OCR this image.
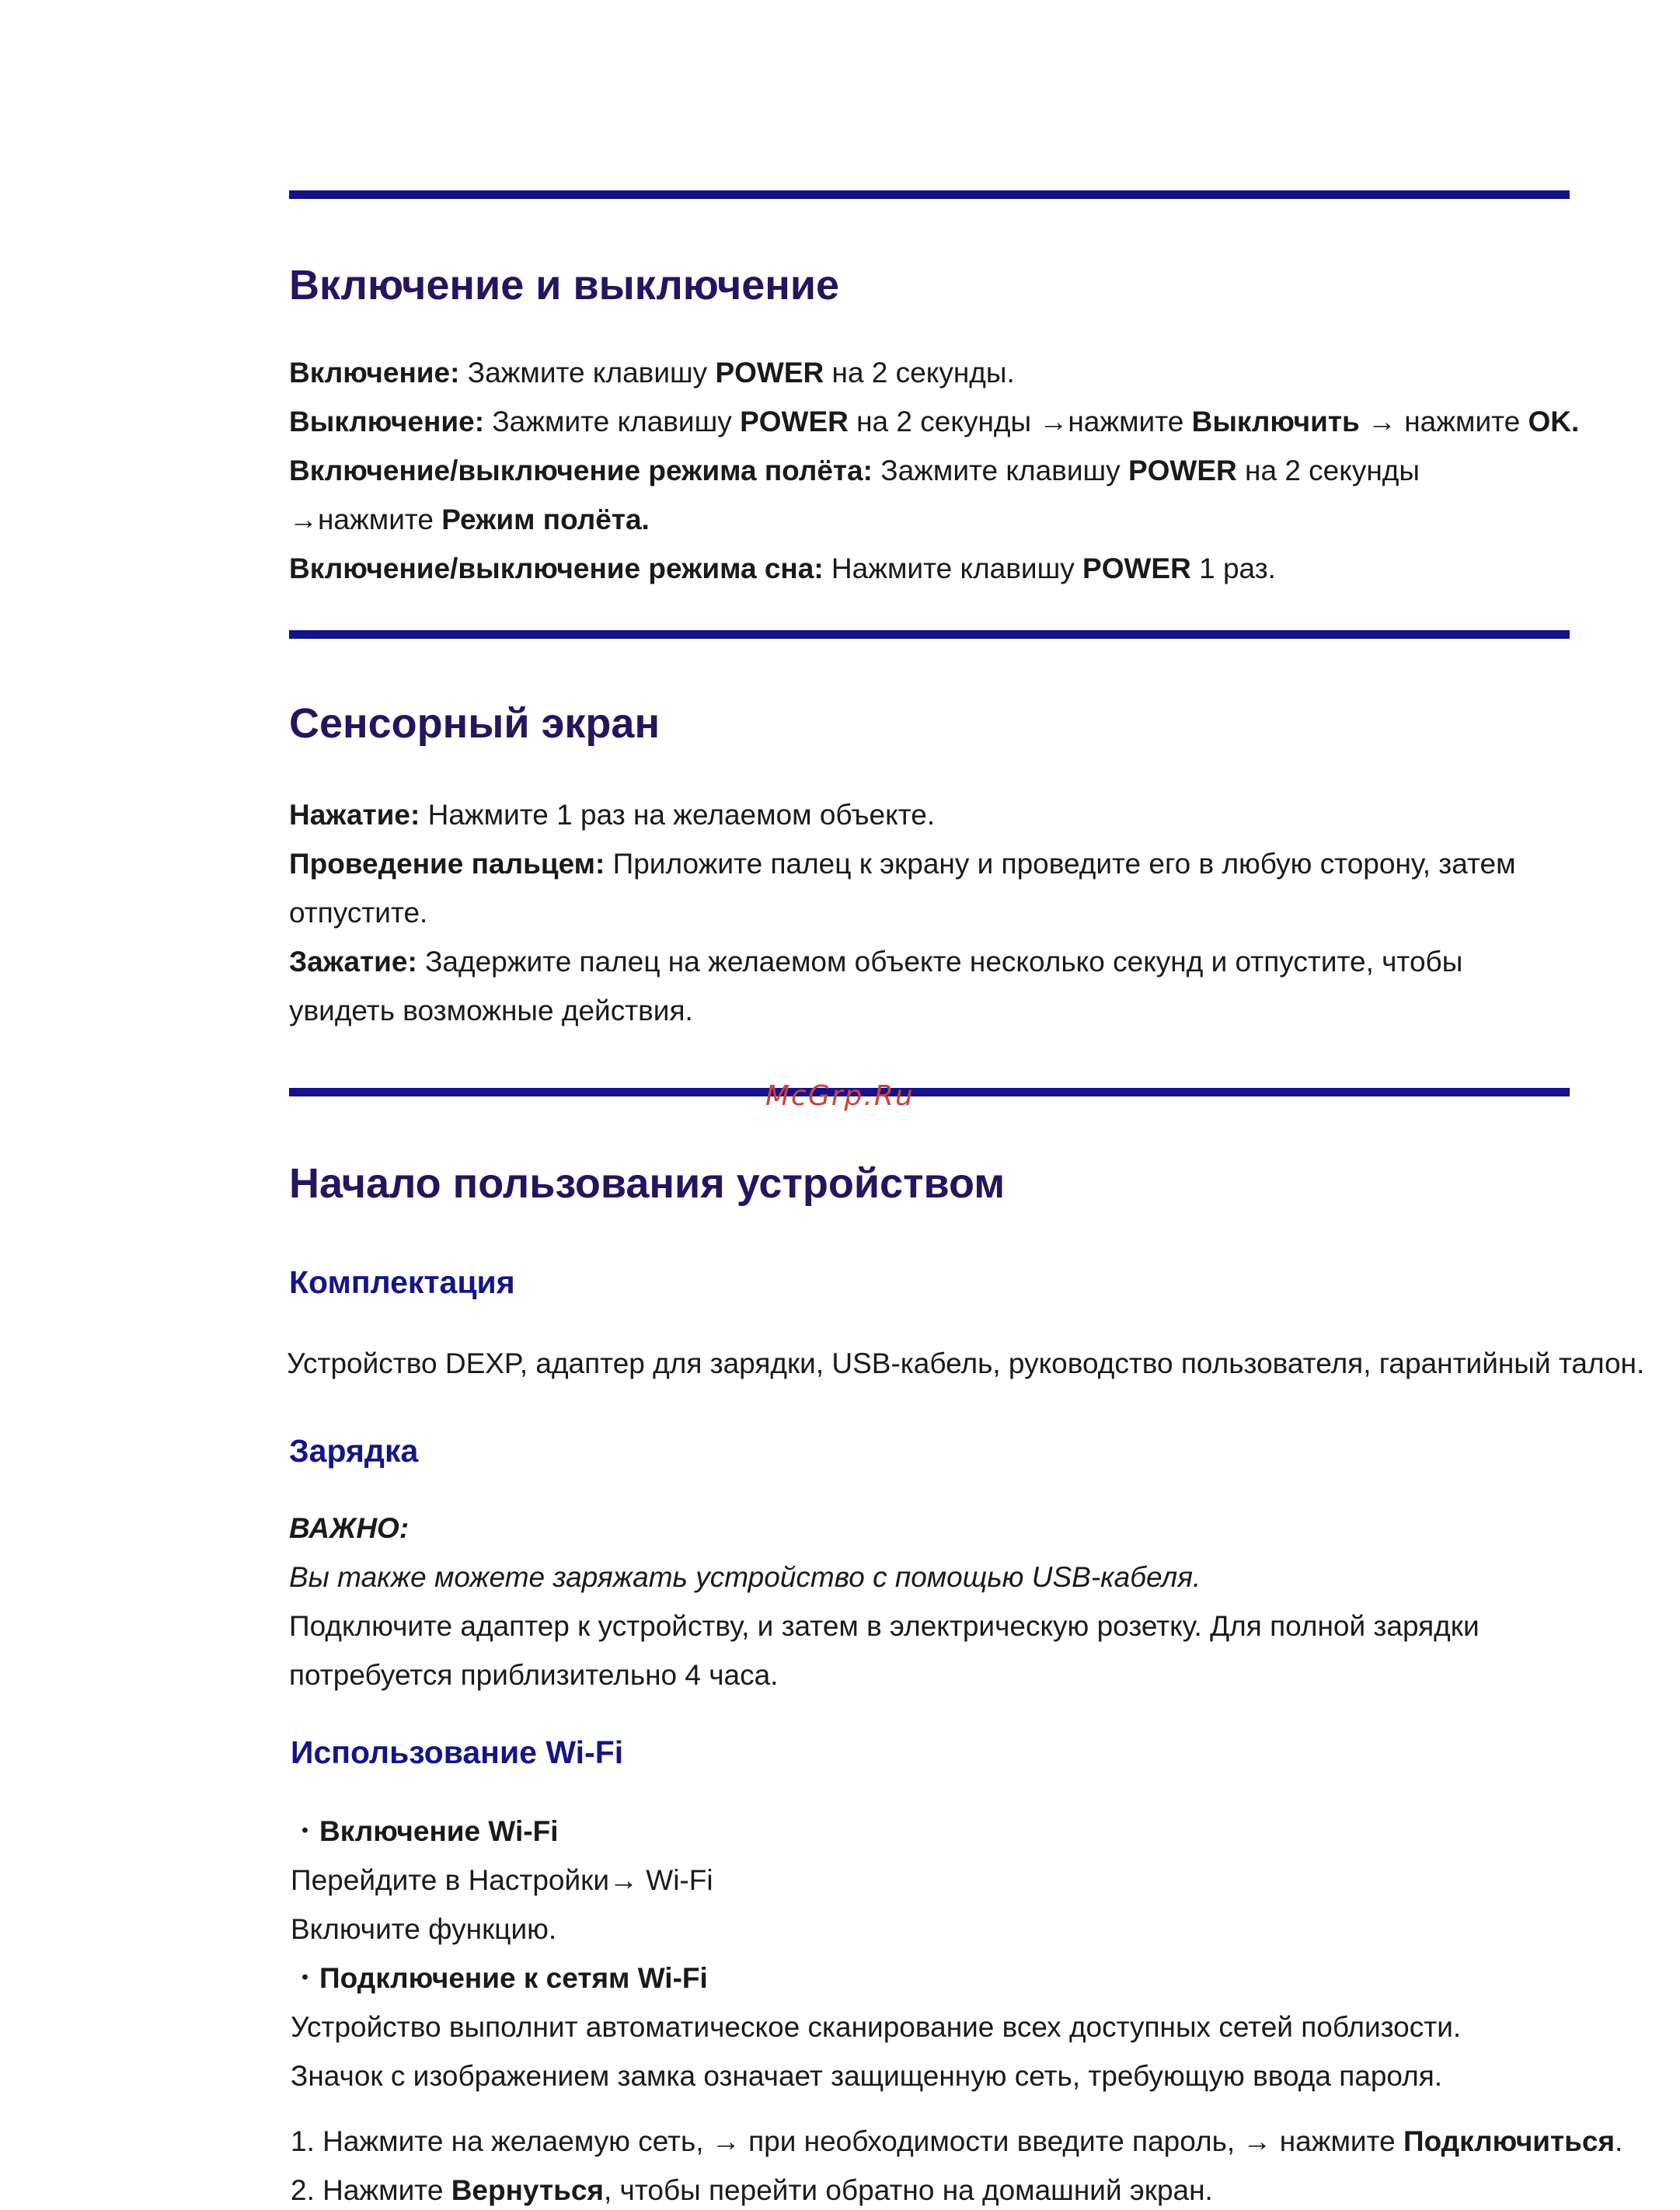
Включение и выключение

Включение: Зажмите клавишу POWER на 2 секунды.

Выключение: Зажмите клавишу POWER на 2 секунды →нажмите Выключить → нажмите OK.

Включение/выключение режима полёта: Зажмите клавишу POWER на 2 секунды

→нажмите Режим полёта.

Включение/выключение режима сна: Нажмите клавишу POWER 1 раз.

Сенсорный экран

Нажатие: Нажмите 1 раз на желаемом объекте.

Проведение пальцем: Приложите палец к экрану и проведите его в любую сторону, затем

отпустите.

Зажатие: Задержите палец на желаемом объекте несколько секунд и отпустите, чтобы

увидеть возможные действия.

McGrp.Ru
Начало пользования устройством
Комплектация

Устройство DEXP, адаптер для зарядки, USB-кабель, руководство пользователя, гарантийный талон.

Зарядка

ВАЖНО:

Вы также можете заряжать устройство с помощью USB-кабеля.

Подключите адаптер к устройству, и затем в электрическую розетку. Для полной зарядки

потребуется приблизительно 4 часа.

Использование Wi-Fi

・Включение Wi-Fi

Перейдите в Настройки→ Wi-Fi

Включите функцию.

・Подключение к сетям Wi-Fi

Устройство выполнит автоматическое сканирование всех доступных сетей поблизости.

Значок с изображением замка означает защищенную сеть, требующую ввода пароля.

1. Нажмите на желаемую сеть, → при необходимости введите пароль, → нажмите Подключиться.

2. Нажмите Вернуться, чтобы перейти обратно на домашний экран.
